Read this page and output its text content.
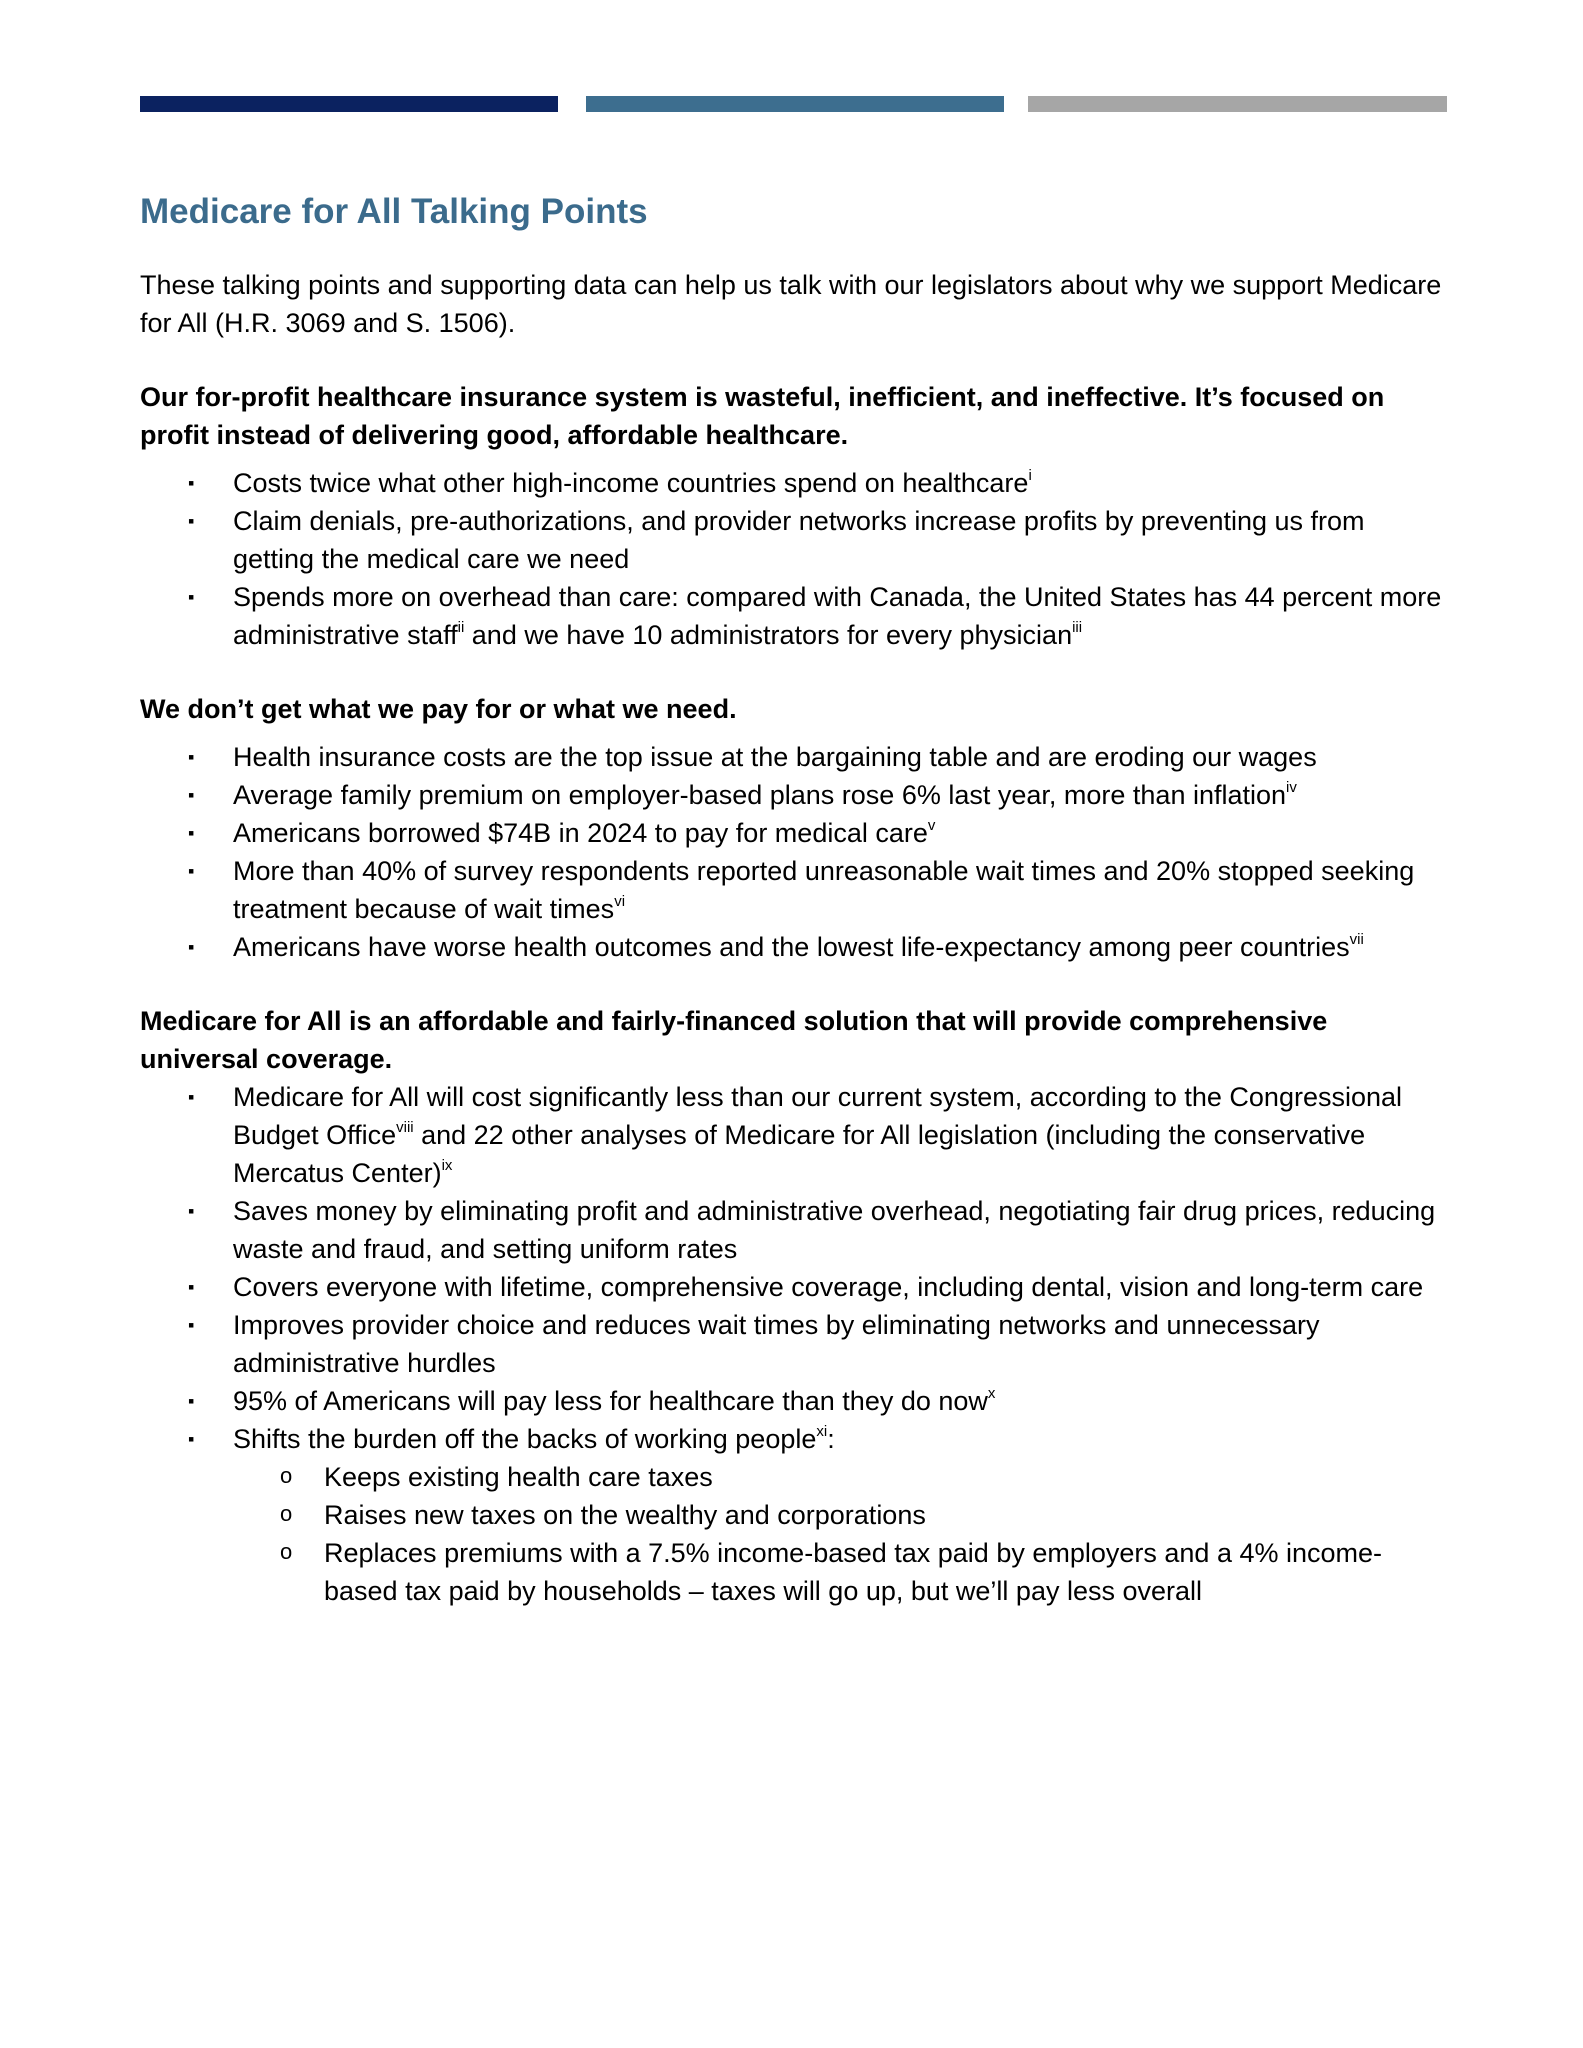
Medicare for All Talking Points

These talking points and supporting data can help us talk with our legislators about why we support Medicare for All (H.R. 3069 and S. 1506).

Our for-profit healthcare insurance system is wasteful, inefficient, and ineffective. It’s focused on profit instead of delivering good, affordable healthcare.

▪ Costs twice what other high-income countries spend on healthcare$^i$
▪ Claim denials, pre-authorizations, and provider networks increase profits by preventing us from getting the medical care we need
▪ Spends more on overhead than care: compared with Canada, the United States has 44 percent more administrative staff$^{ii}$ and we have 10 administrators for every physician$^{iii}$

We don’t get what we pay for or what we need.

▪ Health insurance costs are the top issue at the bargaining table and are eroding our wages
▪ Average family premium on employer-based plans rose 6% last year, more than inflation$^{iv}$
▪ Americans borrowed $74B in 2024 to pay for medical care$^v$
▪ More than 40% of survey respondents reported unreasonable wait times and 20% stopped seeking treatment because of wait times$^{vi}$
▪ Americans have worse health outcomes and the lowest life-expectancy among peer countries$^{vii}$

Medicare for All is an affordable and fairly-financed solution that will provide comprehensive universal coverage.

▪ Medicare for All will cost significantly less than our current system, according to the Congressional Budget Office$^{viii}$ and 22 other analyses of Medicare for All legislation (including the conservative Mercatus Center)$^{ix}$
▪ Saves money by eliminating profit and administrative overhead, negotiating fair drug prices, reducing waste and fraud, and setting uniform rates
▪ Covers everyone with lifetime, comprehensive coverage, including dental, vision and long-term care
▪ Improves provider choice and reduces wait times by eliminating networks and unnecessary administrative hurdles
▪ 95% of Americans will pay less for healthcare than they do now$^x$
▪ Shifts the burden off the backs of working people$^{xi}$:
o Keeps existing health care taxes
o Raises new taxes on the wealthy and corporations
o Replaces premiums with a 7.5% income-based tax paid by employers and a 4% income-based tax paid by households – taxes will go up, but we’ll pay less overall
